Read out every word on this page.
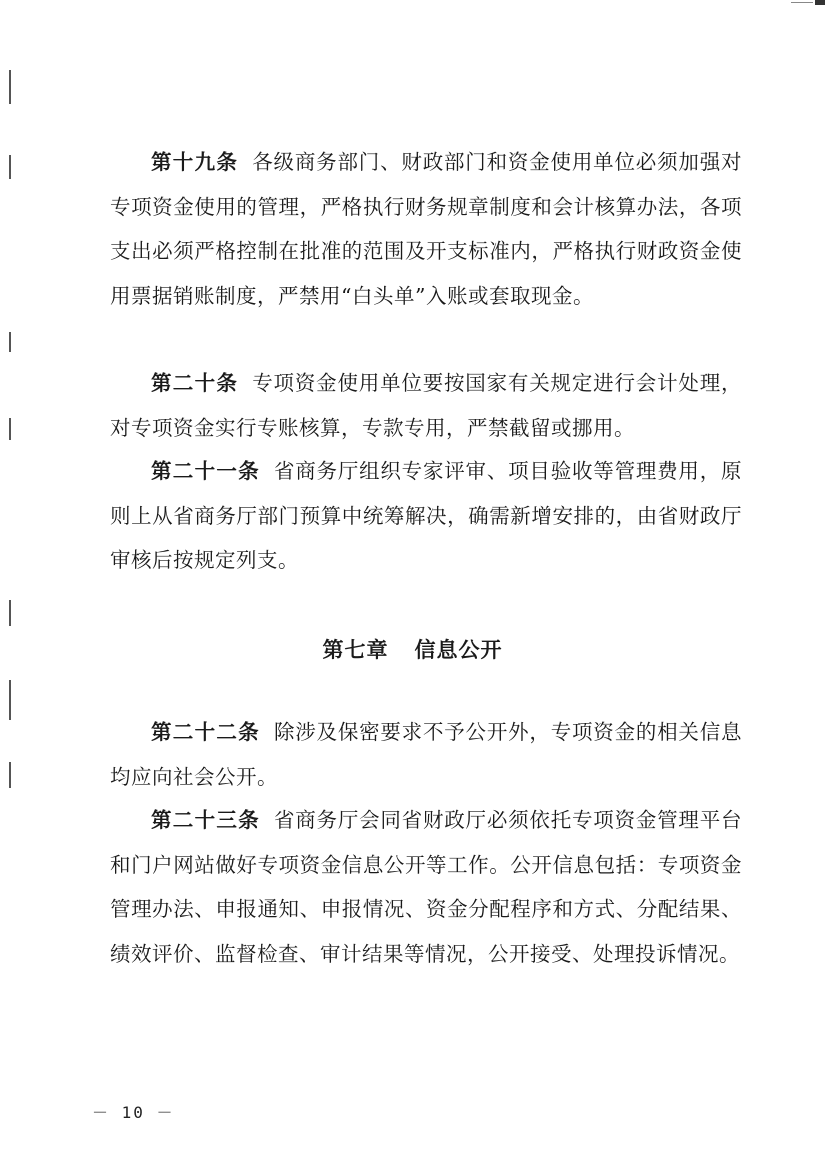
第十九条 各级商务部门、财政部门和资金使用单位必须加强对专项资金使用的管理，严格执行财务规章制度和会计核算办法，各项支出必须严格控制在批准的范围及开支标准内，严格执行财政资金使用票据销账制度，严禁用“白头单”入账或套取现金。

第二十条 专项资金使用单位要按国家有关规定进行会计处理，对专项资金实行专账核算，专款专用，严禁截留或挪用。

第二十一条 省商务厅组织专家评审、项目验收等管理费用，原则上从省商务厅部门预算中统筹解决，确需新增安排的，由省财政厅审核后按规定列支。

第七章 信息公开

第二十二条 除涉及保密要求不予公开外，专项资金的相关信息均应向社会公开。

第二十三条 省商务厅会同省财政厅必须依托专项资金管理平台和门户网站做好专项资金信息公开等工作。公开信息包括：专项资金管理办法、申报通知、申报情况、资金分配程序和方式、分配结果、绩效评价、监督检查、审计结果等情况，公开接受、处理投诉情况。

－ 10 －
